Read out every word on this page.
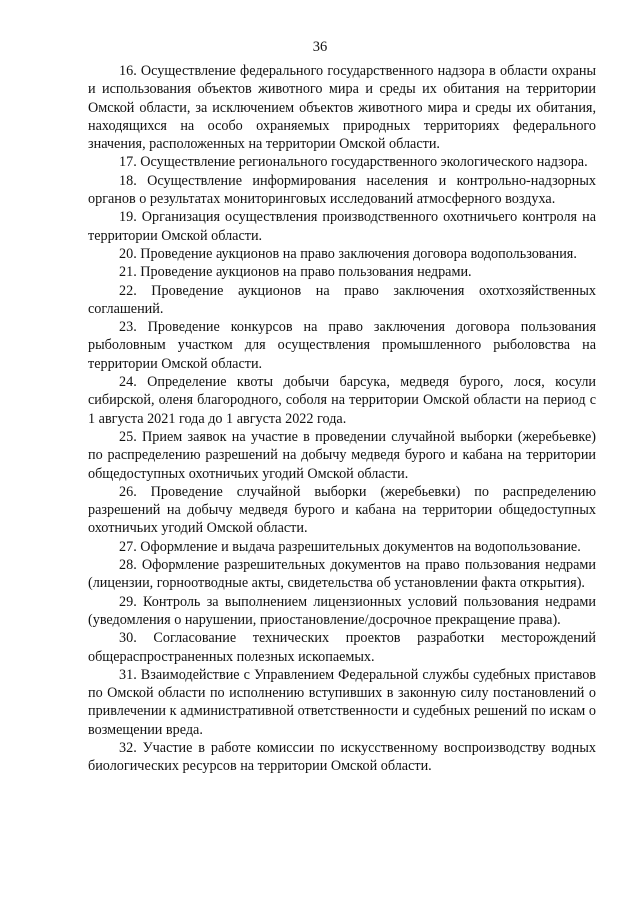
36
16. Осуществление федерального государственного надзора в области охраны и использования объектов животного мира и среды их обитания на территории Омской области, за исключением объектов животного мира и среды их обитания, находящихся на особо охраняемых природных территориях федерального значения, расположенных на территории Омской области.
17. Осуществление регионального государственного экологического надзора.
18. Осуществление информирования населения и контрольно-надзорных органов о результатах мониторинговых исследований атмосферного воздуха.
19. Организация осуществления производственного охотничьего контроля на территории Омской области.
20. Проведение аукционов на право заключения договора водопользования.
21. Проведение аукционов на право пользования недрами.
22. Проведение аукционов на право заключения охотхозяйственных соглашений.
23. Проведение конкурсов на право заключения договора пользования рыболовным участком для осуществления промышленного рыболовства на территории Омской области.
24. Определение квоты добычи барсука, медведя бурого, лося, косули сибирской, оленя благородного, соболя на территории Омской области на период с 1 августа 2021 года до 1 августа 2022 года.
25. Прием заявок на участие в проведении случайной выборки (жеребьевке) по распределению разрешений на добычу медведя бурого и кабана на территории общедоступных охотничьих угодий Омской области.
26. Проведение случайной выборки (жеребьевки) по распределению разрешений на добычу медведя бурого и кабана на территории общедоступных охотничьих угодий Омской области.
27. Оформление и выдача разрешительных документов на водопользование.
28. Оформление разрешительных документов на право пользования недрами (лицензии, горноотводные акты, свидетельства об установлении факта открытия).
29. Контроль за выполнением лицензионных условий пользования недрами (уведомления о нарушении, приостановление/досрочное прекращение права).
30. Согласование технических проектов разработки месторождений общераспространенных полезных ископаемых.
31. Взаимодействие с Управлением Федеральной службы судебных приставов по Омской области по исполнению вступивших в законную силу постановлений о привлечении к административной ответственности и судебных решений по искам о возмещении вреда.
32. Участие в работе комиссии по искусственному воспроизводству водных биологических ресурсов на территории Омской области.
